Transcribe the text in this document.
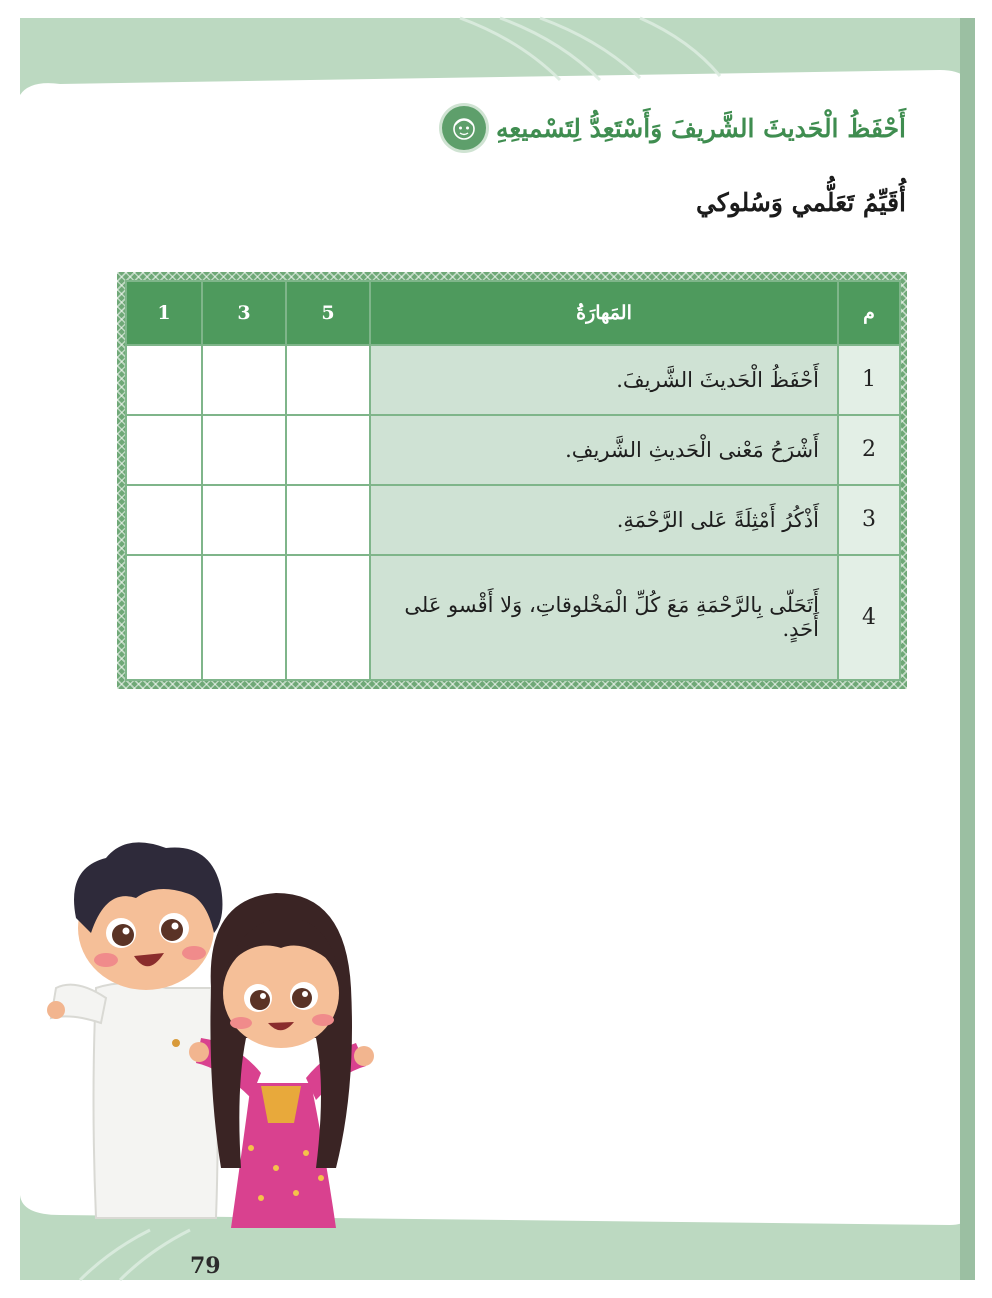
أَحْفَظُ الْحَديثَ الشَّريفَ وَأَسْتَعِدُّ لِتَسْميعِهِ
أُقَيِّمُ تَعَلُّمي وَسُلوكي
م	المَهارَةُ	5	3	1
1	أَحْفَظُ الْحَديثَ الشَّريفَ.			
2	أَشْرَحُ مَعْنى الْحَديثِ الشَّريفِ.			
3	أَذْكُرُ أَمْثِلَةً عَلى الرَّحْمَةِ.			
4	أَتَحَلّى بِالرَّحْمَةِ مَعَ كُلِّ الْمَخْلوقاتِ، وَلا أَقْسو عَلى أَحَدٍ.			
79
